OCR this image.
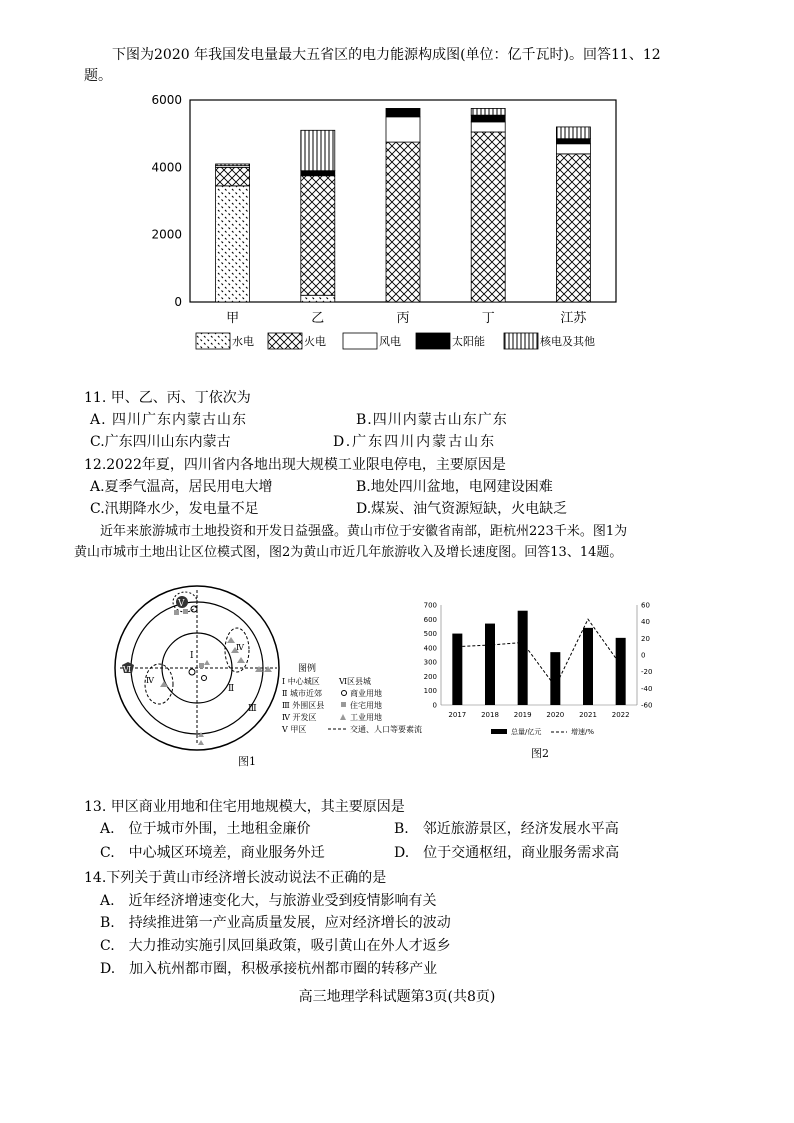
下图为2020 年我国发电量最大五省区的电力能源构成图(单位：亿千瓦时)。回答11、12
题。
6000
4000
2000
0
甲	乙	丙	丁	江苏
水电	火电	风电	太阳能	核电及其他
11. 甲、乙、丙、丁依次为
A. 四川广东内蒙古山东	B.四川内蒙古山东广东
C.广东四川山东内蒙古	D.广东四川内蒙古山东
12.2022年夏，四川省内各地出现大规模工业限电停电，主要原因是
A.夏季气温高，居民用电大增	B.地处四川盆地，电网建设困难
C.汛期降水少，发电量不足	D.煤炭、油气资源短缺，火电缺乏
近年来旅游城市土地投资和开发日益强盛。黄山市位于安徽省南部，距杭州223千米。图1为
黄山市城市土地出让区位模式图，图2为黄山市近几年旅游收入及增长速度图。回答13、14题。
Ⅴ
Ⅵ
Ⅳ
Ⅳ
Ⅰ
Ⅱ
Ⅲ
图例
Ⅰ 中心城区 Ⅵ区县城
Ⅱ 城市近郊	商业用地
Ⅲ 外围区县	住宅用地
Ⅳ 开发区	工业用地
Ⅴ 甲区	交通、人口等要素流
图1
700
600
500
400
300
200
100
0
60
40
20
0
-20
-40
-60
2017 2018 2019 2020 2021 2022
总量/亿元	增速/%
图2
13. 甲区商业用地和住宅用地规模大，其主要原因是
A.　位于城市外围，土地租金廉价	B.　邻近旅游景区，经济发展水平高
C.　中心城区环境差，商业服务外迁	D.　位于交通枢纽，商业服务需求高
14.下列关于黄山市经济增长波动说法不正确的是
A.　近年经济增速变化大，与旅游业受到疫情影响有关
B.　持续推进第一产业高质量发展，应对经济增长的波动
C.　大力推动实施引凤回巢政策，吸引黄山在外人才返乡
D.　加入杭州都市圈，积极承接杭州都市圈的转移产业
高三地理学科试题第3页(共8页)
